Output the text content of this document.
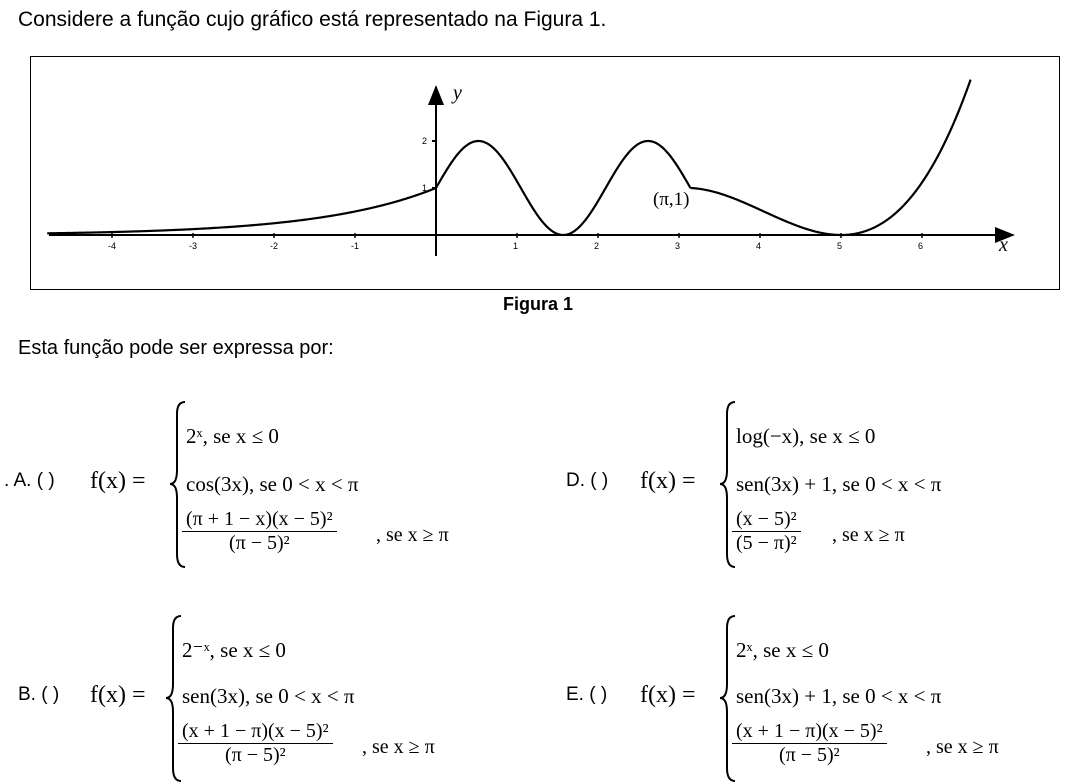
Considere a função cujo gráfico está representado na Figura 1.
-4	-3	-2	-1	1	2	3	4	5	6
1
2
x
y
(π,1)
Figura 1
Esta função pode ser expressa por:
. A. ( ) f(x) =
2ˣ, se x ≤ 0
cos(3x), se 0 < x < π
$\frac{\text{(π + 1 − x)(x − 5)²}}{\text{(π − 5)²}}$ , se x ≥ π
D. ( ) f(x) =
log(−x), se x ≤ 0
sen(3x) + 1, se 0 < x < π
$\frac{\text{(x − 5)²}}{\text{(5 − π)²}}$ , se x ≥ π
B. ( ) f(x) =
2⁻ˣ, se x ≤ 0
sen(3x), se 0 < x < π
$\frac{\text{(x + 1 − π)(x − 5)²}}{\text{(π − 5)²}}$ , se x ≥ π
E. ( ) f(x) =
2ˣ, se x ≤ 0
sen(3x) + 1, se 0 < x < π
$\frac{\text{(x + 1 − π)(x − 5)²}}{\text{(π − 5)²}}$ , se x ≥ π
